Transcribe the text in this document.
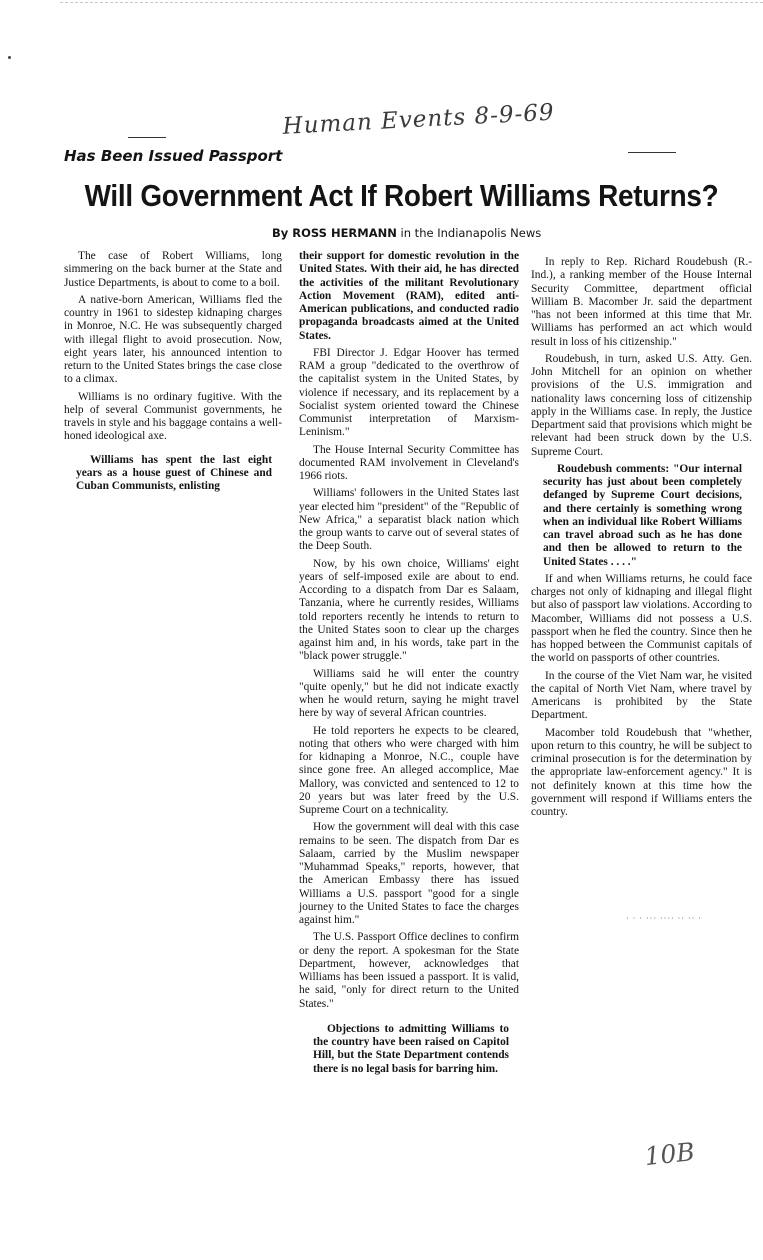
Human Events 8-9-69
Has Been Issued Passport
Will Government Act If Robert Williams Returns?
By ROSS HERMANN in the Indianapolis News

The case of Robert Williams, long simmering on the back burner at the State and Justice Departments, is about to come to a boil.

A native-born American, Williams fled the country in 1961 to sidestep kidnaping charges in Monroe, N.C. He was subsequently charged with illegal flight to avoid prosecution. Now, eight years later, his announced intention to return to the United States brings the case close to a climax.

Williams is no ordinary fugitive. With the help of several Communist governments, he travels in style and his baggage contains a well-honed ideological axe.

Williams has spent the last eight years as a house guest of Chinese and Cuban Communists, enlisting

their support for domestic revolution in the United States. With their aid, he has directed the activities of the militant Revolutionary Action Movement (RAM), edited anti-American publications, and conducted radio propaganda broadcasts aimed at the United States.

FBI Director J. Edgar Hoover has termed RAM a group "dedicated to the overthrow of the capitalist system in the United States, by violence if necessary, and its replacement by a Socialist system oriented toward the Chinese Communist interpretation of Marxism-Leninism."

The House Internal Security Committee has documented RAM involvement in Cleveland's 1966 riots.

Williams' followers in the United States last year elected him "president" of the "Republic of New Africa," a separatist black nation which the group wants to carve out of several states of the Deep South.

Now, by his own choice, Williams' eight years of self-imposed exile are about to end. According to a dispatch from Dar es Salaam, Tanzania, where he currently resides, Williams told reporters recently he intends to return to the United States soon to clear up the charges against him and, in his words, take part in the "black power struggle."

Williams said he will enter the country "quite openly," but he did not indicate exactly when he would return, saying he might travel here by way of several African countries.

He told reporters he expects to be cleared, noting that others who were charged with him for kidnaping a Monroe, N.C., couple have since gone free. An alleged accomplice, Mae Mallory, was convicted and sentenced to 12 to 20 years but was later freed by the U.S. Supreme Court on a technicality.

How the government will deal with this case remains to be seen. The dispatch from Dar es Salaam, carried by the Muslim newspaper "Muhammad Speaks," reports, however, that the American Embassy there has issued Williams a U.S. passport "good for a single journey to the United States to face the charges against him."

The U.S. Passport Office declines to confirm or deny the report. A spokesman for the State Department, however, acknowledges that Williams has been issued a passport. It is valid, he said, "only for direct return to the United States."

Objections to admitting Williams to the country have been raised on Capitol Hill, but the State Department contends there is no legal basis for barring him.

In reply to Rep. Richard Roudebush (R.-Ind.), a ranking member of the House Internal Security Committee, department official William B. Macomber Jr. said the department "has not been informed at this time that Mr. Williams has performed an act which would result in loss of his citizenship."

Roudebush, in turn, asked U.S. Atty. Gen. John Mitchell for an opinion on whether provisions of the U.S. immigration and nationality laws concerning loss of citizenship apply in the Williams case. In reply, the Justice Department said that provisions which might be relevant had been struck down by the U.S. Supreme Court.

Roudebush comments: "Our internal security has just about been completely defanged by Supreme Court decisions, and there certainly is something wrong when an individual like Robert Williams can travel abroad such as he has done and then be allowed to return to the United States . . . ."

If and when Williams returns, he could face charges not only of kidnaping and illegal flight but also of passport law violations. According to Macomber, Williams did not possess a U.S. passport when he fled the country. Since then he has hopped between the Communist capitals of the world on passports of other countries.

In the course of the Viet Nam war, he visited the capital of North Viet Nam, where travel by Americans is prohibited by the State Department.

Macomber told Roudebush that "whether, upon return to this country, he will be subject to criminal prosecution is for the determination by the appropriate law-enforcement agency." It is not definitely known at this time how the government will respond if Williams enters the country.

· · · ··· ···· ·· ·· ·
10B
